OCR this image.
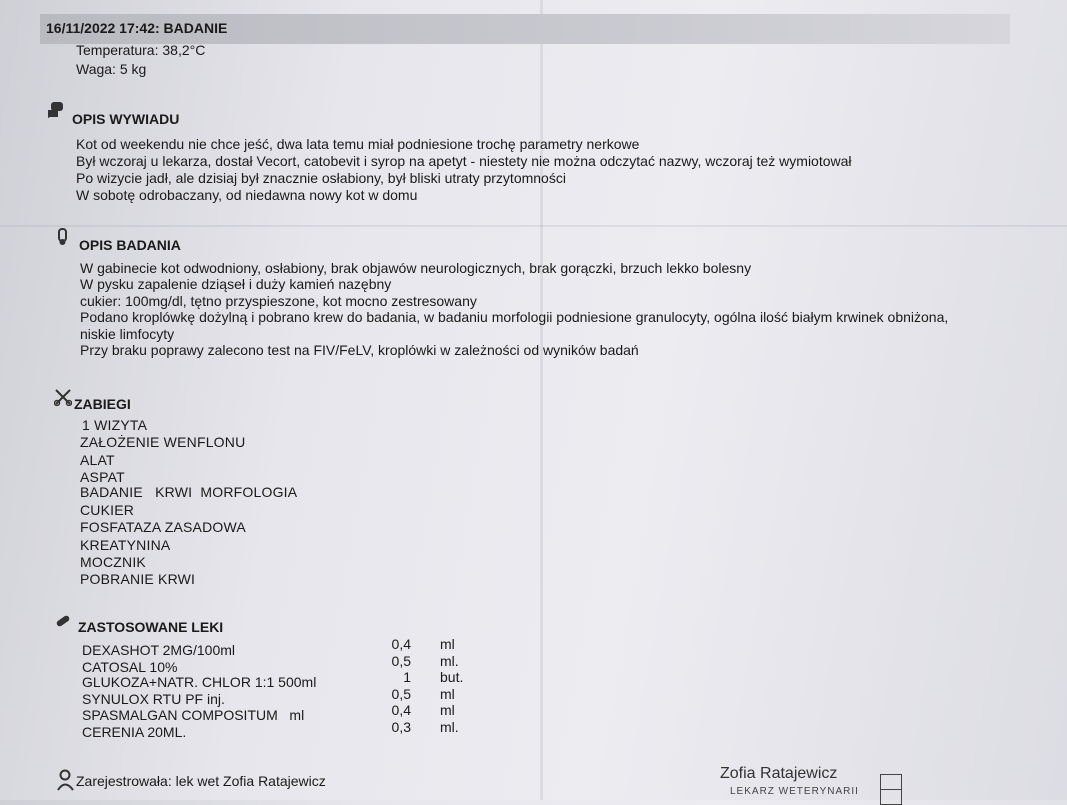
16/11/2022 17:42: BADANIE
Temperatura: 38,2°C
Waga: 5 kg
OPIS WYWIADU
Kot od weekendu nie chce jeść, dwa lata temu miał podniesione trochę parametry nerkowe
Był wczoraj u lekarza, dostał Vecort, catobevit i syrop na apetyt - niestety nie można odczytać nazwy, wczoraj też wymiotował
Po wizycie jadł, ale dzisiaj był znacznie osłabiony, był bliski utraty przytomności
W sobotę odrobaczany, od niedawna nowy kot w domu
OPIS BADANIA
W gabinecie kot odwodniony, osłabiony, brak objawów neurologicznych, brak gorączki, brzuch lekko bolesny
W pysku zapalenie dziąseł i duży kamień nazębny
cukier: 100mg/dl, tętno przyspieszone, kot mocno zestresowany
Podano kroplówkę dożylną i pobrano krew do badania, w badaniu morfologii podniesione granulocyty, ogólna ilość białym krwinek obniżona,
niskie limfocyty
Przy braku poprawy zalecono test na FIV/FeLV, kroplówki w zależności od wyników badań
ZABIEGI
1 WIZYTA
ZAŁOŻENIE WENFLONU
ALAT
ASPAT
BADANIE   KRWI  MORFOLOGIA
CUKIER
FOSFATAZA ZASADOWA
KREATYNINA
MOCZNIK
POBRANIE KRWI
ZASTOSOWANE LEKI
DEXASHOT 2MG/100ml	0,4 ml
CATOSAL 10%	0,5 ml.
GLUKOZA+NATR. CHLOR 1:1 500ml	1 but.
SYNULOX RTU PF inj.	0,5 ml
SPASMALGAN COMPOSITUM   ml	0,4 ml
CERENIA 20ML.	0,3 ml.
Zarejestrowała: lek wet Zofia Ratajewicz	Zofia Ratajewicz
LEKARZ WETERYNARII
